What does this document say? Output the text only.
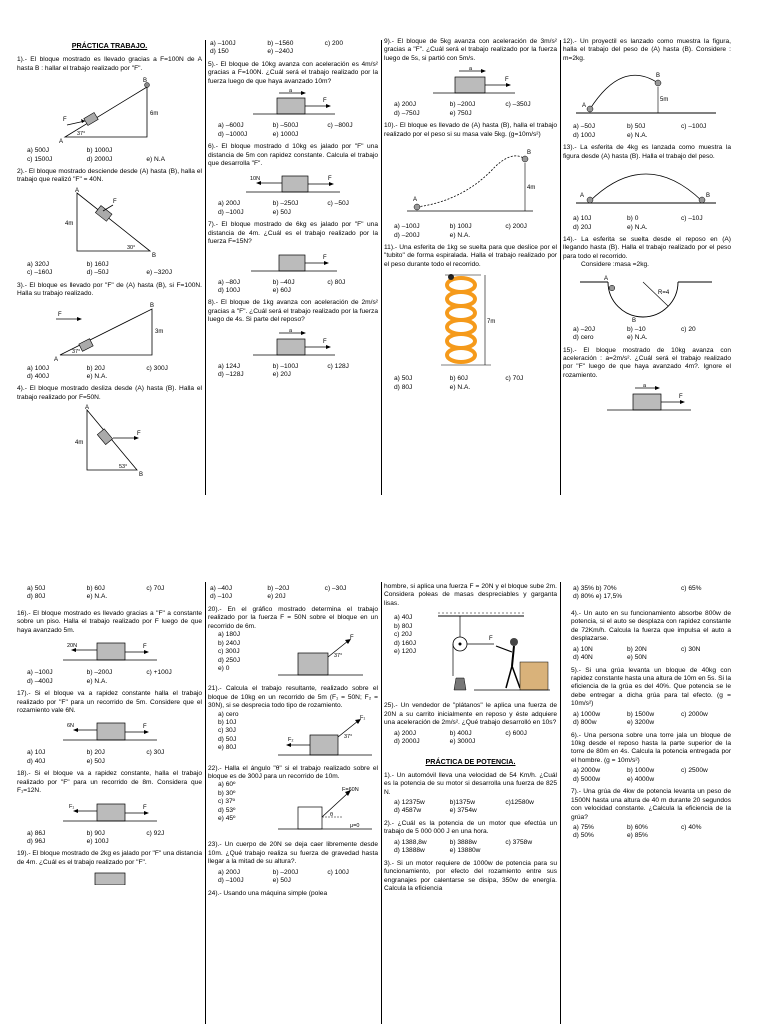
PRÁCTICA TRABAJO.
1).- El bloque mostrado es llevado gracias a F=100N de A hasta B : hallar el trabajo realizado por "F".
B
A
F
6m
37°
a) 500J	b) 1000J
c) 1500J	d) 2000J	e) N.A
2).- El bloque mostrado desciende desde (A) hasta (B), halla el trabajo que realizó "F" = 40N.
A
B
F
4m
30°
a) 320J	b) 160J
c) –160J	d) –50J	e) –320J
3).- El bloque es llevado por "F" de (A) hasta (B), si F=100N. Halla su trabajo realizado.
F
A
B
3m
37°
a) 100J	b) 20J	c) 300J
d) 400J	e) N.A.
4).- El bloque mostrado desliza desde (A) hasta (B). Halla el trabajo realizado por F=50N.
A
B
F
4m
53°
a) –100J	b) –1560	c) 200
d) 150	e) –240J
5).- El bloque de 10kg avanza con aceleración es 4m/s² gracias a F=100N. ¿Cuál será el trabajo realizado por la fuerza luego de que haya avanzado 10m?
a
F
a) –600J	b) –500J	c) –800J
d) –1000J	e) 1000J
6).- El bloque mostrado d 10kg es jalado por "F" una distancia de 5m con rapidez constante. Calcula el trabajo que desarrolla "F".
10N	F
a) 200J	b) –250J	c) –50J
d) –100J	e) 50J
7).- El bloque mostrado de 6kg es jalado por "F" una distancia de 4m. ¿Cuál es el trabajo realizado por la fuerza F=15N?
F
a) –80J	b) –40J	c) 80J
d) 100J	e) 60J
8).- El bloque de 1kg avanza con aceleración de 2m/s² gracias a "F". ¿Cuál será el trabajo realizado por la fuerza luego de 4s. Si parte del reposo?
a
F
a) 124J	b) –100J	c) 128J
d) –128J	e) 20J
9).- El bloque de 5kg avanza con aceleración de 3m/s² gracias a "F". ¿Cuál será el trabajo realizado por la fuerza luego de 5s, si partió con 5m/s.
a
F
a) 200J	b) –200J	c) –350J
d) –750J	e) 750J
10).- El bloque es llevado de (A) hasta (B), halla el trabajo realizado por el peso si su masa vale 5kg. (g=10m/s²)
A
B
4m
a) –100J	b) 100J	c) 200J
d) –200J	e) N.A.
11).- Una esferita de 1kg se suelta para que deslice por el "tubito" de forma espiralada. Halla el trabajo realizado por el peso durante todo el recorrido.
7m
a) 50J	b) 60J	c) 70J
d) 80J	e) N.A.
12).- Un proyectil es lanzado como muestra la figura, halla el trabajo del peso de (A) hasta (B). Considere : m=2kg.
A
B
5m
a) –50J	b) 50J	c) –100J
d) 100J	e) N.A.
13).- La esferita de 4kg es lanzada como muestra la figura desde (A) hasta (B). Halla el trabajo del peso.
A	B
a) 10J	b) 0	c) –10J
d) 20J	e) N.A.
14).- La esferita se suelta desde el reposo en (A) llegando hasta (B). Halla el trabajo realizado por el peso para todo el recorrido.
Considere :masa =2kg.
A
B
R=4
a) –20J	b) –10	c) 20
d) cero	e) N.A.
15).- El bloque mostrado de 10kg avanza con aceleración : a=2m/s². ¿Cuál será el trabajo realizado por "F" luego de que haya avanzado 4m?. Ignore el rozamiento.
a
F
a) 50J	b) 60J	c) 70J
d) 80J	e) N.A.
16).- El bloque mostrado es llevado gracias a "F" a constante sobre un piso. Halla el trabajo realizado por F luego de que haya avanzado 5m.
20N	F
a) –100J	b) –200J	c) +100J
d) –400J	e) N.A.
17).- Si el bloque va a rapidez constante halla el trabajo realizado por "F" para un recorrido de 5m. Considere que el rozamiento vale 6N.
6N	F
a) 10J	b) 20J	c) 30J
d) 40J	e) 50J
18).- Si el bloque va a rapidez constante, halla el trabajo realizado por "F" para un recorrido de 8m. Considera que F₁=12N.
F₁	F
a) 86J	b) 90J	c) 92J
d) 96J	e) 100J
19).- El bloque mostrado de 2kg es jalado por "F" una distancia de 4m. ¿Cuál es el trabajo realizado por "F".
a) –40J	b) –20J	c) –30J
d) –10J	e) 20J
20).- En el gráfico mostrado determina el trabajo realizado por la fuerza F = 50N sobre el bloque en un recorrido de 6m.
a) 180J
b) 240J
c) 300J
d) 250J
e) 0
F
37°
21).- Calcula el trabajo resultante, realizado sobre el bloque de 10kg en un recorrido de 5m (F₁ = 50N; F₂ = 30N), si se desprecia todo tipo de rozamiento.
a) cero
b) 10J
c) 30J
d) 50J
e) 80J
F₂
F₁
37°
22).- Halla el ángulo "θ" si el trabajo realizado sobre el bloque es de 300J para un recorrido de 10m.
a) 60º
b) 30º
c) 37º
d) 53º
e) 45º
F=60N
θ
μ=0
23).- Un cuerpo de 20N se deja caer libremente desde 10m. ¿Qué trabajo realiza su fuerza de gravedad hasta llegar a la mitad de su altura?.
a) 200J	b) –200J	c) 100J
d) –100J	e) 50J
24).- Usando una máquina simple (polea
hombre, si aplica una fuerza F = 20N y el bloque sube 2m. Considera poleas de masas despreciables y garganta lisas.
a) 40J
b) 80J
c) 20J
d) 160J
e) 120J
F
25).- Un vendedor de "plátanos" le aplica una fuerza de 20N a su carrito inicialmente en reposo y éste adquiere una aceleración de 2m/s². ¿Qué trabajo desarrolló en 10s?
a) 200J	b) 400J	c) 600J
d) 2000J	e) 3000J
PRÁCTICA DE POTENCIA.
1).- Un automóvil lleva una velocidad de 54 Km/h. ¿Cuál es la potencia de su motor si desarrolla una fuerza de 825 N.
a) 12375w	b)1375w	c)12580w
d) 4587w	e) 3754w
2).- ¿Cuál es la potencia de un motor que efectúa un trabajo de 5 000 000 J en una hora.
a) 1388,8w	b) 3888w	c) 3758w
d) 13888w	e) 13880w
3).- Si un motor requiere de 1000w de potencia para su funcionamiento, por efecto del rozamiento entre sus engranajes por calentarse se disipa, 350w de energía. Calcula la eficiencia
a) 35% b) 70%	c) 65%
d) 80% e) 17,5%
4).- Un auto en su funcionamiento absorbe 800w de potencia, si el auto se desplaza con rapidez constante de 72Km/h. Calcula la fuerza que impulsa el auto a desplazarse.
a) 10N	b) 20N	c) 30N
d) 40N	e) 50N
5).- Si una grúa levanta un bloque de 40kg con rapidez constante hasta una altura de 10m en 5s. Si la eficiencia de la grúa es del 40%. Que potencia se le debe entregar a dicha grúa para tal efecto. (g = 10m/s²)
a) 1000w	b) 1500w	c) 2000w
d) 800w	e) 3200w
6).- Una persona sobre una torre jala un bloque de 10kg desde el reposo hasta la parte superior de la torre de 80m en 4s. Calcula la potencia entregada por el hombre. (g = 10m/s²)
a) 2000w	b) 1000w	c) 2500w
d) 5000w	e) 4000w
7).- Una grúa de 4kw de potencia levanta un peso de 1500N hasta una altura de 40 m durante 20 segundos con velocidad constante. ¿Calcula la eficiencia de la grúa?
a) 75%	b) 60%	c) 40%
d) 50%	e) 85%
